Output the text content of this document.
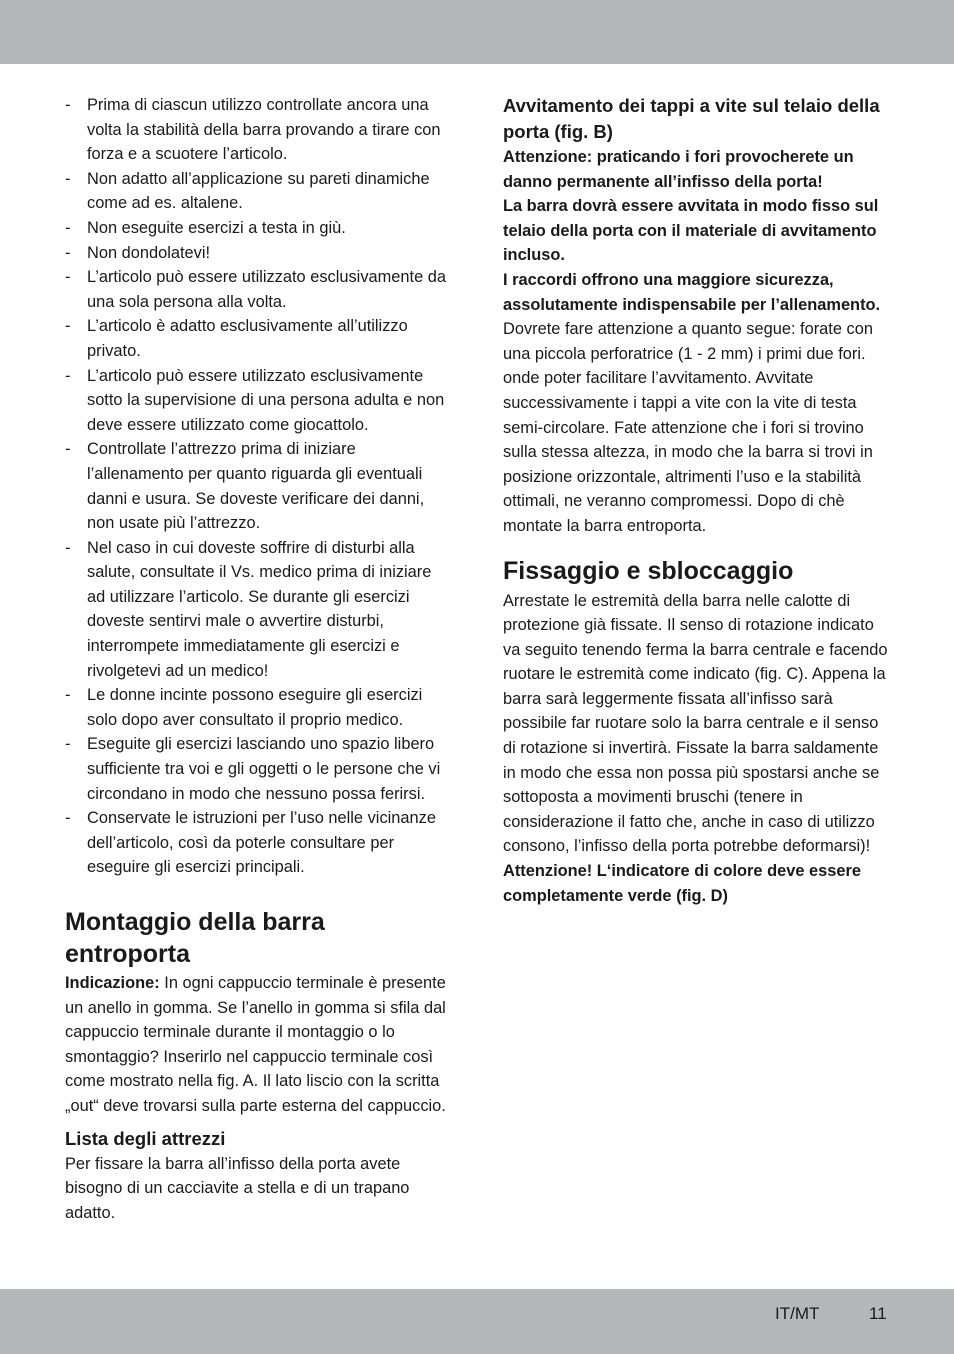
- Prima di ciascun utilizzo controllate ancora una volta la stabilità della barra provando a tirare con forza e a scuotere l’articolo.
- Non adatto all’applicazione su pareti dinamiche come ad es. altalene.
- Non eseguite esercizi a testa in giù.
- Non dondolatevi!
- L’articolo può essere utilizzato esclusivamente da una sola persona alla volta.
- L’articolo è adatto esclusivamente all’utilizzo privato.
- L’articolo può essere utilizzato esclusivamente sotto la supervisione di una persona adulta e non deve essere utilizzato come giocattolo.
- Controllate l’attrezzo prima di iniziare l’allenamento per quanto riguarda gli eventuali danni e usura. Se doveste verificare dei danni, non usate più l’attrezzo.
- Nel caso in cui doveste soffrire di disturbi alla salute, consultate il Vs. medico prima di iniziare ad utilizzare l’articolo. Se durante gli esercizi doveste sentirvi male o avvertire disturbi, interrompete immediatamente gli esercizi e rivolgetevi ad un medico!
- Le donne incinte possono eseguire gli esercizi solo dopo aver consultato il proprio medico.
- Eseguite gli esercizi lasciando uno spazio libero sufficiente tra voi e gli oggetti o le persone che vi circondano in modo che nessuno possa ferirsi.
- Conservate le istruzioni per l’uso nelle vicinanze dell’articolo, così da poterle consultare per eseguire gli esercizi principali.
Montaggio della barra entroporta

Indicazione: In ogni cappuccio terminale è presente un anello in gomma. Se l’anello in gomma si sfila dal cappuccio terminale durante il montaggio o lo smontaggio? Inserirlo nel cappuccio terminale così come mostrato nella fig. A. Il lato liscio con la scritta „out“ deve trovarsi sulla parte esterna del cappuccio.

Lista degli attrezzi

Per fissare la barra all’infisso della porta avete bisogno di un cacciavite a stella e di un trapano adatto.

Avvitamento dei tappi a vite sul telaio della porta (fig. B)

Attenzione: praticando i fori provocherete un danno permanente all’infisso della porta!

La barra dovrà essere avvitata in modo fisso sul telaio della porta con il materiale di avvitamento incluso.

I raccordi offrono una maggiore sicurezza, assolutamente indispensabile per l’allenamento.

Dovrete fare attenzione a quanto segue: forate con una piccola perforatrice (1 - 2 mm) i primi due fori. onde poter facilitare l’avvitamento. Avvitate successivamente i tappi a vite con la vite di testa semi-circolare. Fate attenzione che i fori si trovino sulla stessa altezza, in modo che la barra si trovi in posizione orizzontale, altrimenti l’uso e la stabilità ottimali, ne veranno compromessi. Dopo di chè montate la barra entroporta.

Fissaggio e sbloccaggio

Arrestate le estremità della barra nelle calotte di protezione già fissate. Il senso di rotazione indicato va seguito tenendo ferma la barra centrale e facendo ruotare le estremità come indicato (fig. C). Appena la barra sarà leggermente fissata all’infisso sarà possibile far ruotare solo la barra centrale e il senso di rotazione si invertirà. Fissate la barra saldamente in modo che essa non possa più spostarsi anche se sottoposta a movimenti bruschi (tenere in considerazione il fatto che, anche in caso di utilizzo consono, l’infisso della porta potrebbe deformarsi)!

Attenzione! L‘indicatore di colore deve essere completamente verde (fig. D)

IT/MT	11
